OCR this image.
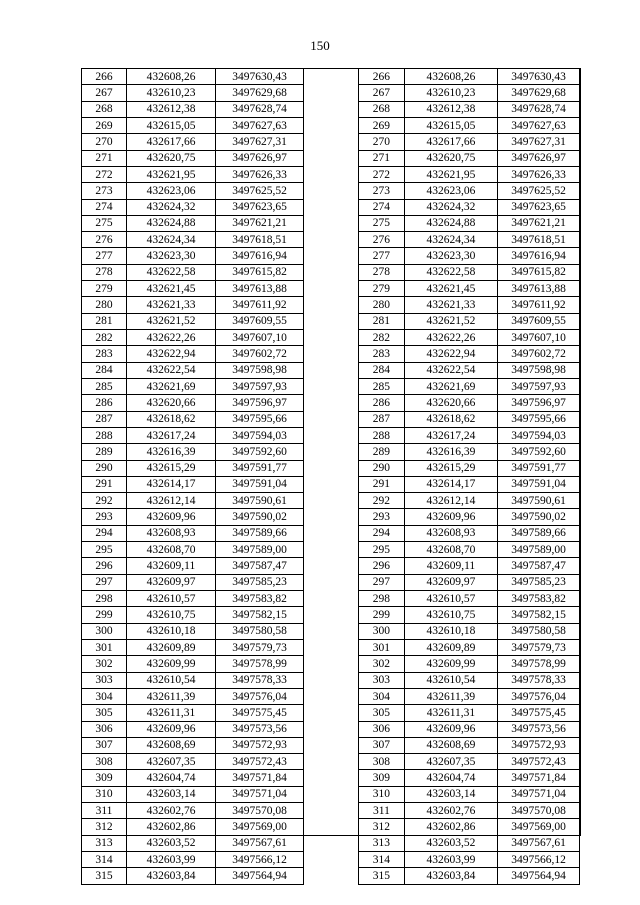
150
266	432608,26	3497630,43
267	432610,23	3497629,68
268	432612,38	3497628,74
269	432615,05	3497627,63
270	432617,66	3497627,31
271	432620,75	3497626,97
272	432621,95	3497626,33
273	432623,06	3497625,52
274	432624,32	3497623,65
275	432624,88	3497621,21
276	432624,34	3497618,51
277	432623,30	3497616,94
278	432622,58	3497615,82
279	432621,45	3497613,88
280	432621,33	3497611,92
281	432621,52	3497609,55
282	432622,26	3497607,10
283	432622,94	3497602,72
284	432622,54	3497598,98
285	432621,69	3497597,93
286	432620,66	3497596,97
287	432618,62	3497595,66
288	432617,24	3497594,03
289	432616,39	3497592,60
290	432615,29	3497591,77
291	432614,17	3497591,04
292	432612,14	3497590,61
293	432609,96	3497590,02
294	432608,93	3497589,66
295	432608,70	3497589,00
296	432609,11	3497587,47
297	432609,97	3497585,23
298	432610,57	3497583,82
299	432610,75	3497582,15
300	432610,18	3497580,58
301	432609,89	3497579,73
302	432609,99	3497578,99
303	432610,54	3497578,33
304	432611,39	3497576,04
305	432611,31	3497575,45
306	432609,96	3497573,56
307	432608,69	3497572,93
308	432607,35	3497572,43
309	432604,74	3497571,84
310	432603,14	3497571,04
311	432602,76	3497570,08
312	432602,86	3497569,00
313	432603,52	3497567,61
314	432603,99	3497566,12
315	432603,84	3497564,94
266	432608,26	3497630,43
267	432610,23	3497629,68
268	432612,38	3497628,74
269	432615,05	3497627,63
270	432617,66	3497627,31
271	432620,75	3497626,97
272	432621,95	3497626,33
273	432623,06	3497625,52
274	432624,32	3497623,65
275	432624,88	3497621,21
276	432624,34	3497618,51
277	432623,30	3497616,94
278	432622,58	3497615,82
279	432621,45	3497613,88
280	432621,33	3497611,92
281	432621,52	3497609,55
282	432622,26	3497607,10
283	432622,94	3497602,72
284	432622,54	3497598,98
285	432621,69	3497597,93
286	432620,66	3497596,97
287	432618,62	3497595,66
288	432617,24	3497594,03
289	432616,39	3497592,60
290	432615,29	3497591,77
291	432614,17	3497591,04
292	432612,14	3497590,61
293	432609,96	3497590,02
294	432608,93	3497589,66
295	432608,70	3497589,00
296	432609,11	3497587,47
297	432609,97	3497585,23
298	432610,57	3497583,82
299	432610,75	3497582,15
300	432610,18	3497580,58
301	432609,89	3497579,73
302	432609,99	3497578,99
303	432610,54	3497578,33
304	432611,39	3497576,04
305	432611,31	3497575,45
306	432609,96	3497573,56
307	432608,69	3497572,93
308	432607,35	3497572,43
309	432604,74	3497571,84
310	432603,14	3497571,04
311	432602,76	3497570,08
312	432602,86	3497569,00
313	432603,52	3497567,61
314	432603,99	3497566,12
315	432603,84	3497564,94
